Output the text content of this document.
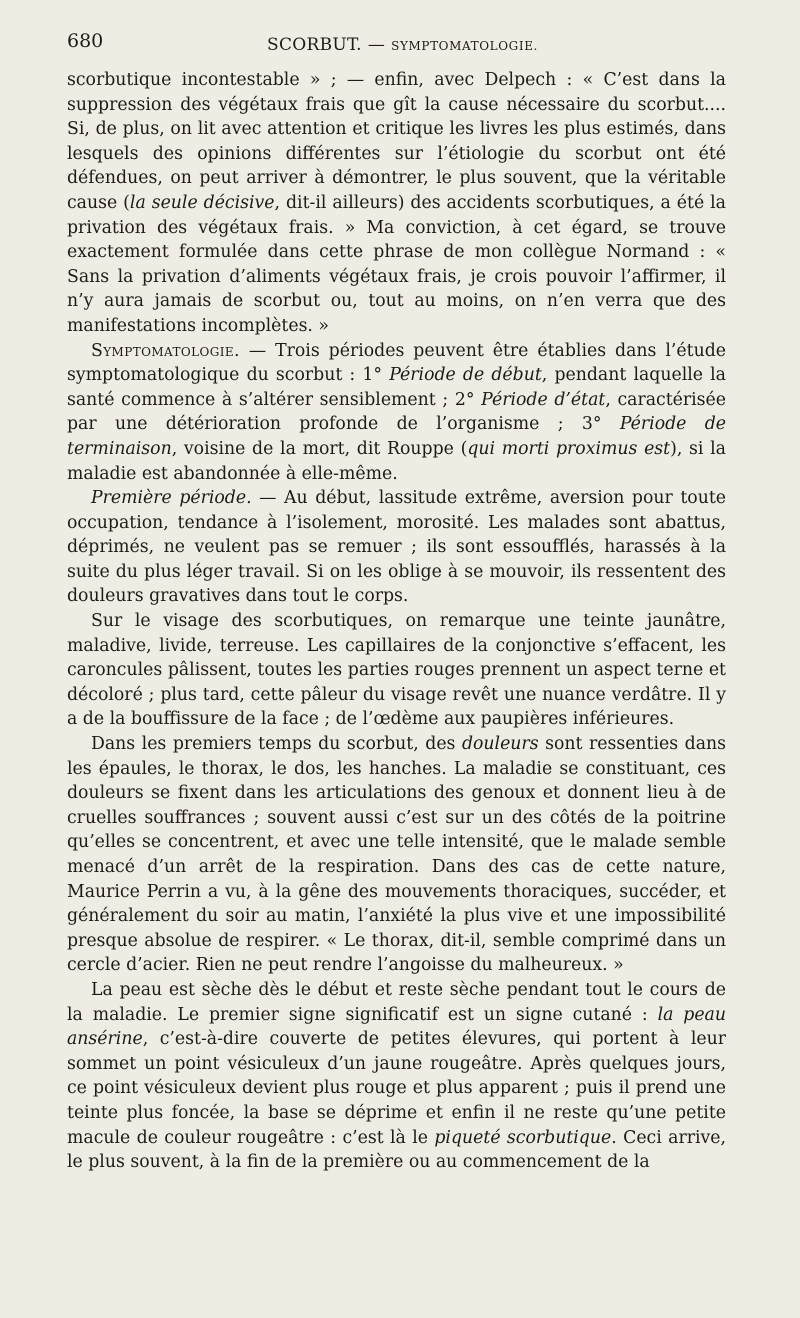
680	SCORBUT. — SYMPTOMATOLOGIE.

scorbutique incontestable » ; — enfin, avec Delpech : « C’est dans la suppression des végétaux frais que gît la cause nécessaire du scorbut.... Si, de plus, on lit avec attention et critique les livres les plus estimés, dans lesquels des opinions différentes sur l’étiologie du scorbut ont été défendues, on peut arriver à démontrer, le plus souvent, que la véritable cause (la seule décisive, dit-il ailleurs) des accidents scorbutiques, a été la privation des végétaux frais. » Ma conviction, à cet égard, se trouve exactement formulée dans cette phrase de mon collègue Normand : « Sans la privation d’aliments végétaux frais, je crois pouvoir l’affirmer, il n’y aura jamais de scorbut ou, tout au moins, on n’en verra que des manifestations incomplètes. »

Symptomatologie. — Trois périodes peuvent être établies dans l’étude symptomatologique du scorbut : 1° Période de début, pendant laquelle la santé commence à s’altérer sensiblement ; 2° Période d’état, caractérisée par une détérioration profonde de l’organisme ; 3° Période de terminaison, voisine de la mort, dit Rouppe (qui morti proximus est), si la maladie est abandonnée à elle-même.

Première période. — Au début, lassitude extrême, aversion pour toute occupation, tendance à l’isolement, morosité. Les malades sont abattus, déprimés, ne veulent pas se remuer ; ils sont essoufflés, harassés à la suite du plus léger travail. Si on les oblige à se mouvoir, ils ressentent des douleurs gravatives dans tout le corps.

Sur le visage des scorbutiques, on remarque une teinte jaunâtre, maladive, livide, terreuse. Les capillaires de la conjonctive s’effacent, les caroncules pâlissent, toutes les parties rouges prennent un aspect terne et décoloré ; plus tard, cette pâleur du visage revêt une nuance verdâtre. Il y a de la bouffissure de la face ; de l’œdème aux paupières inférieures.

Dans les premiers temps du scorbut, des douleurs sont ressenties dans les épaules, le thorax, le dos, les hanches. La maladie se constituant, ces douleurs se fixent dans les articulations des genoux et donnent lieu à de cruelles souffrances ; souvent aussi c’est sur un des côtés de la poitrine qu’elles se concentrent, et avec une telle intensité, que le malade semble menacé d’un arrêt de la respiration. Dans des cas de cette nature, Maurice Perrin a vu, à la gêne des mouvements thoraciques, succéder, et généralement du soir au matin, l’anxiété la plus vive et une impossibilité presque absolue de respirer. « Le thorax, dit-il, semble comprimé dans un cercle d’acier. Rien ne peut rendre l’angoisse du malheureux. »

La peau est sèche dès le début et reste sèche pendant tout le cours de la maladie. Le premier signe significatif est un signe cutané : la peau ansérine, c’est-à-dire couverte de petites élevures, qui portent à leur sommet un point vésiculeux d’un jaune rougeâtre. Après quelques jours, ce point vésiculeux devient plus rouge et plus apparent ; puis il prend une teinte plus foncée, la base se déprime et enfin il ne reste qu’une petite macule de couleur rougeâtre : c’est là le piqueté scorbutique. Ceci arrive, le plus souvent, à la fin de la première ou au commencement de la
